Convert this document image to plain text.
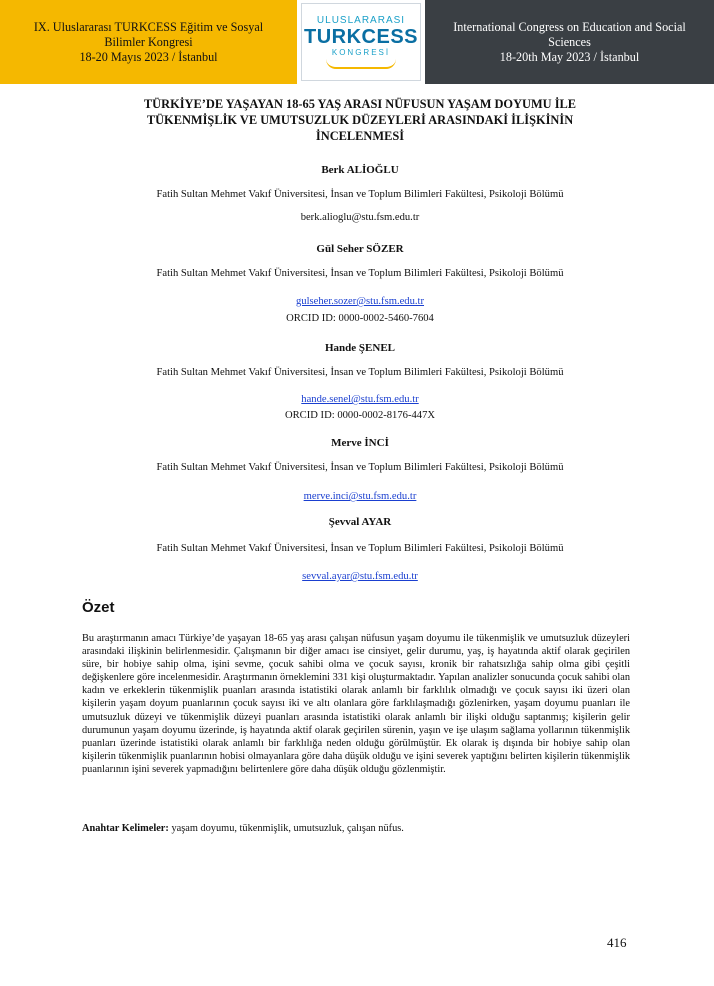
IX. Uluslararası TURKCESS Eğitim ve Sosyal
Bilimler Kongresi
18-20 Mayıs 2023 / İstanbul
ULUSLARARASI
TURKCESS
KONGRESİ
International Congress on Education and Social
Sciences
18-20th May 2023 / İstanbul
TÜRKİYE’DE YAŞAYAN 18-65 YAŞ ARASI NÜFUSUN YAŞAM DOYUMU İLE
TÜKENMİŞLİK VE UMUTSUZLUK DÜZEYLERİ ARASINDAKİ İLİŞKİNİN
İNCELENMESİ
Berk ALİOĞLU
Fatih Sultan Mehmet Vakıf Üniversitesi, İnsan ve Toplum Bilimleri Fakültesi, Psikoloji Bölümü
berk.alioglu@stu.fsm.edu.tr
Gül Seher SÖZER
Fatih Sultan Mehmet Vakıf Üniversitesi, İnsan ve Toplum Bilimleri Fakültesi, Psikoloji Bölümü
gulseher.sozer@stu.fsm.edu.tr
ORCID ID: 0000-0002-5460-7604
Hande ŞENEL
Fatih Sultan Mehmet Vakıf Üniversitesi, İnsan ve Toplum Bilimleri Fakültesi, Psikoloji Bölümü
hande.senel@stu.fsm.edu.tr
ORCID ID: 0000-0002-8176-447X
Merve İNCİ
Fatih Sultan Mehmet Vakıf Üniversitesi, İnsan ve Toplum Bilimleri Fakültesi, Psikoloji Bölümü
merve.inci@stu.fsm.edu.tr
Şevval AYAR
Fatih Sultan Mehmet Vakıf Üniversitesi, İnsan ve Toplum Bilimleri Fakültesi, Psikoloji Bölümü
sevval.ayar@stu.fsm.edu.tr
Özet
Bu araştırmanın amacı Türkiye’de yaşayan 18-65 yaş arası çalışan nüfusun yaşam doyumu ile tükenmişlik ve umutsuzluk düzeyleri arasındaki ilişkinin belirlenmesidir. Çalışmanın bir diğer amacı ise cinsiyet, gelir durumu, yaş, iş hayatında aktif olarak geçirilen süre, bir hobiye sahip olma, işini sevme, çocuk sahibi olma ve çocuk sayısı, kronik bir rahatsızlığa sahip olma gibi çeşitli değişkenlere göre incelenmesidir. Araştırmanın örneklemini 331 kişi oluşturmaktadır. Yapılan analizler sonucunda çocuk sahibi olan kadın ve erkeklerin tükenmişlik puanları arasında istatistiki olarak anlamlı bir farklılık olmadığı ve çocuk sayısı iki üzeri olan kişilerin yaşam doyum puanlarının çocuk sayısı iki ve altı olanlara göre farklılaşmadığı gözlenirken, yaşam doyumu puanları ile umutsuzluk düzeyi ve tükenmişlik düzeyi puanları arasında istatistiki olarak anlamlı bir ilişki olduğu saptanmış; kişilerin gelir durumunun yaşam doyumu üzerinde, iş hayatında aktif olarak geçirilen sürenin, yaşın ve işe ulaşım sağlama yollarının tükenmişlik puanları üzerinde istatistiki olarak anlamlı bir farklılığa neden olduğu görülmüştür. Ek olarak iş dışında bir hobiye sahip olan kişilerin tükenmişlik puanlarının hobisi olmayanlara göre daha düşük olduğu ve işini severek yaptığını belirten kişilerin tükenmişlik puanlarının işini severek yapmadığını belirtenlere göre daha düşük olduğu gözlenmiştir.
Anahtar Kelimeler: yaşam doyumu, tükenmişlik, umutsuzluk, çalışan nüfus.
416
